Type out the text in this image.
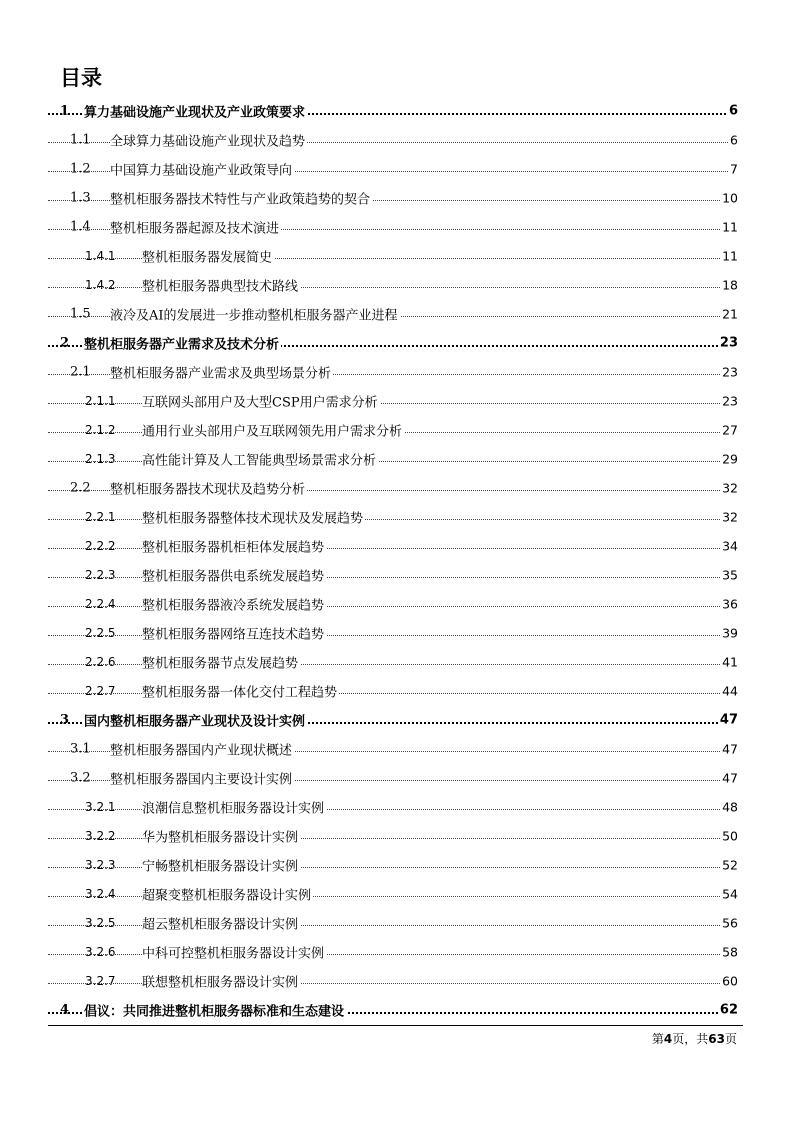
目录
1 算力基础设施产业现状及产业政策要求	6
1.1 全球算力基础设施产业现状及趋势	6
1.2 中国算力基础设施产业政策导向	7
1.3 整机柜服务器技术特性与产业政策趋势的契合	10
1.4 整机柜服务器起源及技术演进	11
1.4.1 整机柜服务器发展简史	11
1.4.2 整机柜服务器典型技术路线	18
1.5 液冷及AI的发展进一步推动整机柜服务器产业进程	21
2 整机柜服务器产业需求及技术分析	23
2.1 整机柜服务器产业需求及典型场景分析	23
2.1.1 互联网头部用户及大型CSP用户需求分析	23
2.1.2 通用行业头部用户及互联网领先用户需求分析	27
2.1.3 高性能计算及人工智能典型场景需求分析	29
2.2 整机柜服务器技术现状及趋势分析	32
2.2.1 整机柜服务器整体技术现状及发展趋势	32
2.2.2 整机柜服务器机柜柜体发展趋势	34
2.2.3 整机柜服务器供电系统发展趋势	35
2.2.4 整机柜服务器液冷系统发展趋势	36
2.2.5 整机柜服务器网络互连技术趋势	39
2.2.6 整机柜服务器节点发展趋势	41
2.2.7 整机柜服务器一体化交付工程趋势	44
3 国内整机柜服务器产业现状及设计实例	47
3.1 整机柜服务器国内产业现状概述	47
3.2 整机柜服务器国内主要设计实例	47
3.2.1 浪潮信息整机柜服务器设计实例	48
3.2.2 华为整机柜服务器设计实例	50
3.2.3 宁畅整机柜服务器设计实例	52
3.2.4 超聚变整机柜服务器设计实例	54
3.2.5 超云整机柜服务器设计实例	56
3.2.6 中科可控整机柜服务器设计实例	58
3.2.7 联想整机柜服务器设计实例	60
4 倡议：共同推进整机柜服务器标准和生态建设	62
第4页，共63页
